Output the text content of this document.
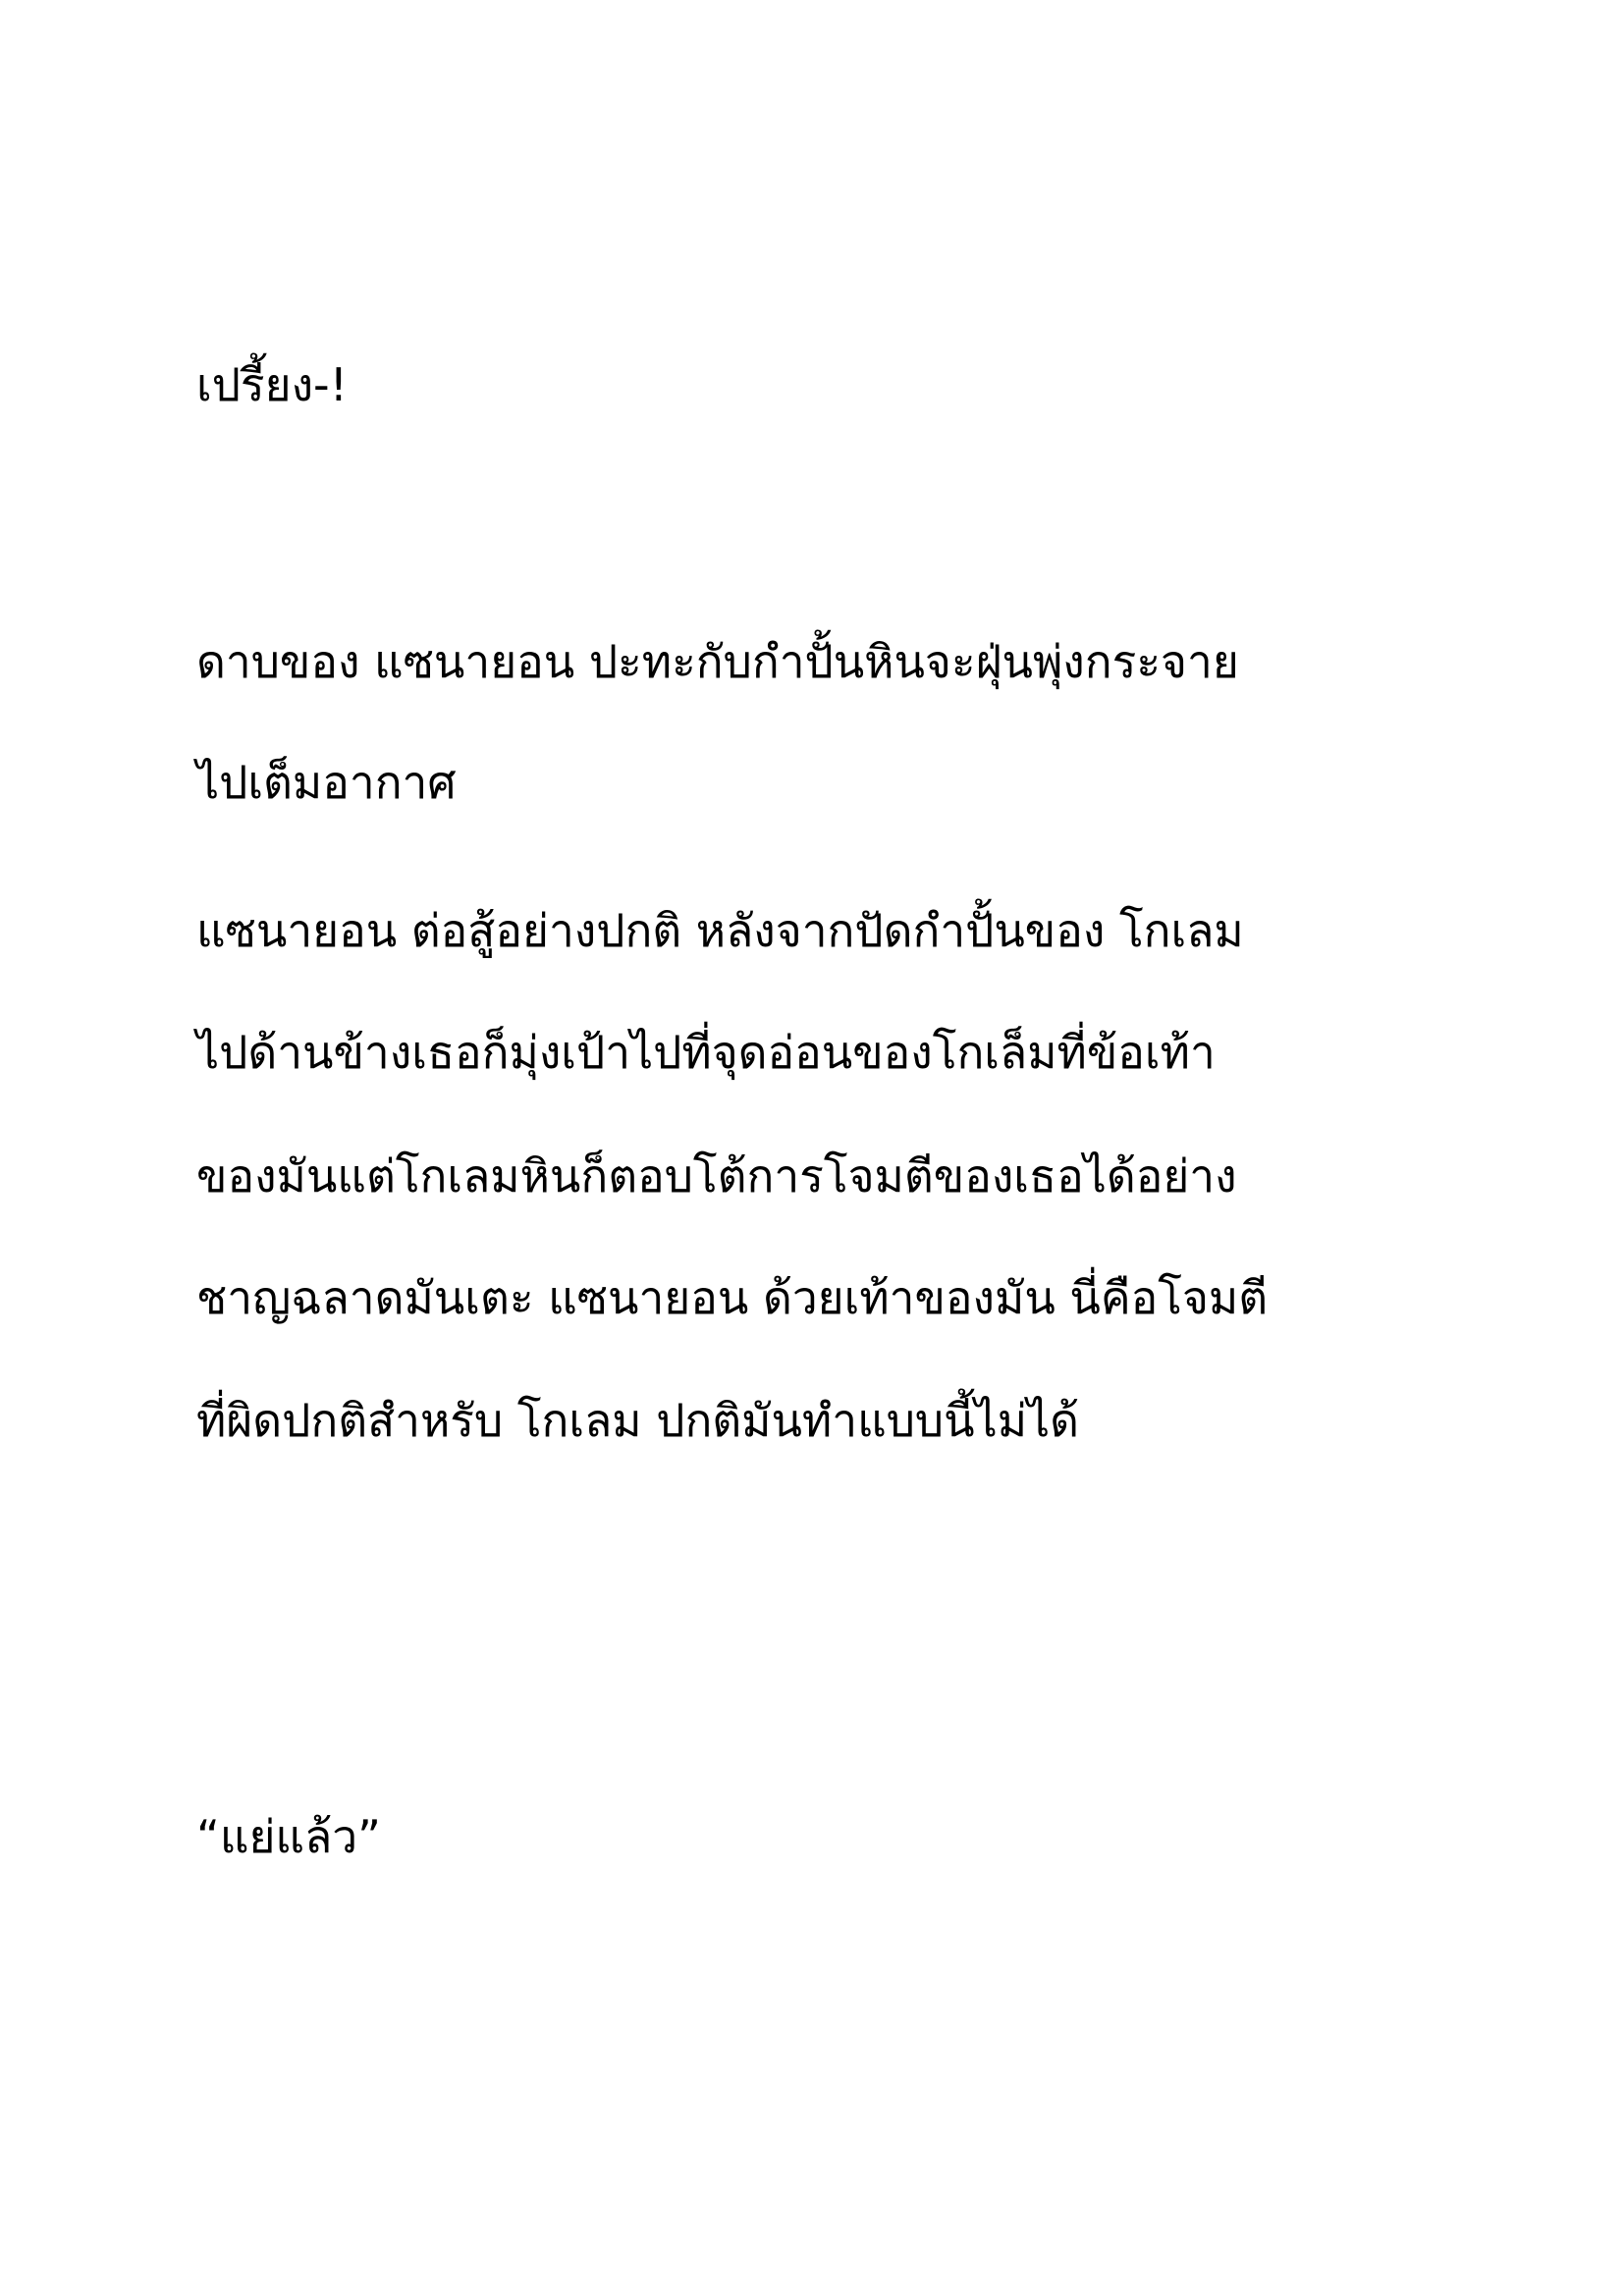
เปรี้ยง-!

ดาบของ แซนายอน ปะทะกับกำปั้นหินจะฝุ่นพุ่งกระจาย

ไปเต็มอากาศ

แซนายอน ต่อสู้อย่างปกติ หลังจากปัดกำปั้นของ โกเลม

ไปด้านข้างเธอก็มุ่งเป้าไปที่จุดอ่อนของโกเล็มที่ข้อเท้า

ของมันแต่โกเลมหินก็ตอบโต้การโจมตีของเธอได้อย่าง

ชาญฉลาดมันเตะ แซนายอน ด้วยเท้าของมัน นี่คือโจมตี

ที่ผิดปกติสำหรับ โกเลม ปกติมันทำแบบนี้ไม่ได้

“แย่แล้ว”
